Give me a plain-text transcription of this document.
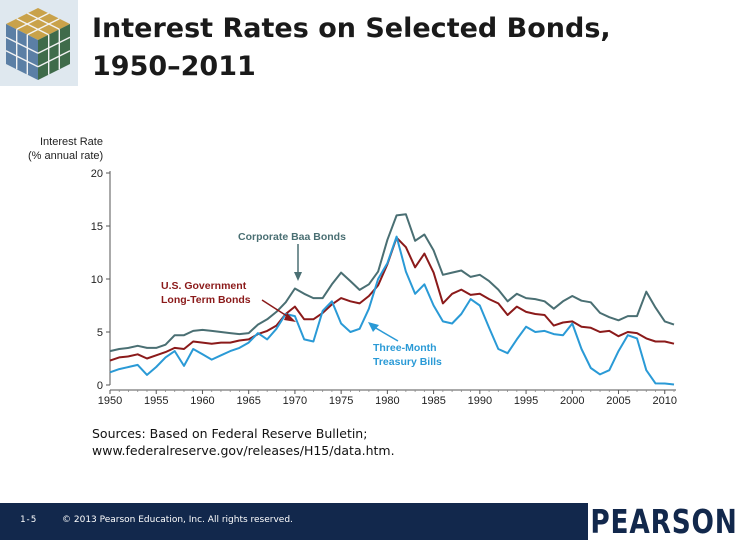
Interest Rates on Selected Bonds,
1950–2011
Interest Rate
(% annual rate)
0
5
10
15
20
1950 1955 1960 1965 1970 1975 1980 1985 1990 1995 2000 2005 2010
Corporate Baa Bonds
U.S. Government
Long-Term Bonds
Three-Month
Treasury Bills
Sources: Based on Federal Reserve Bulletin;
www.federalreserve.gov/releases/H15/data.htm.
1-5	© 2013 Pearson Education, Inc. All rights reserved.	PEARSON
